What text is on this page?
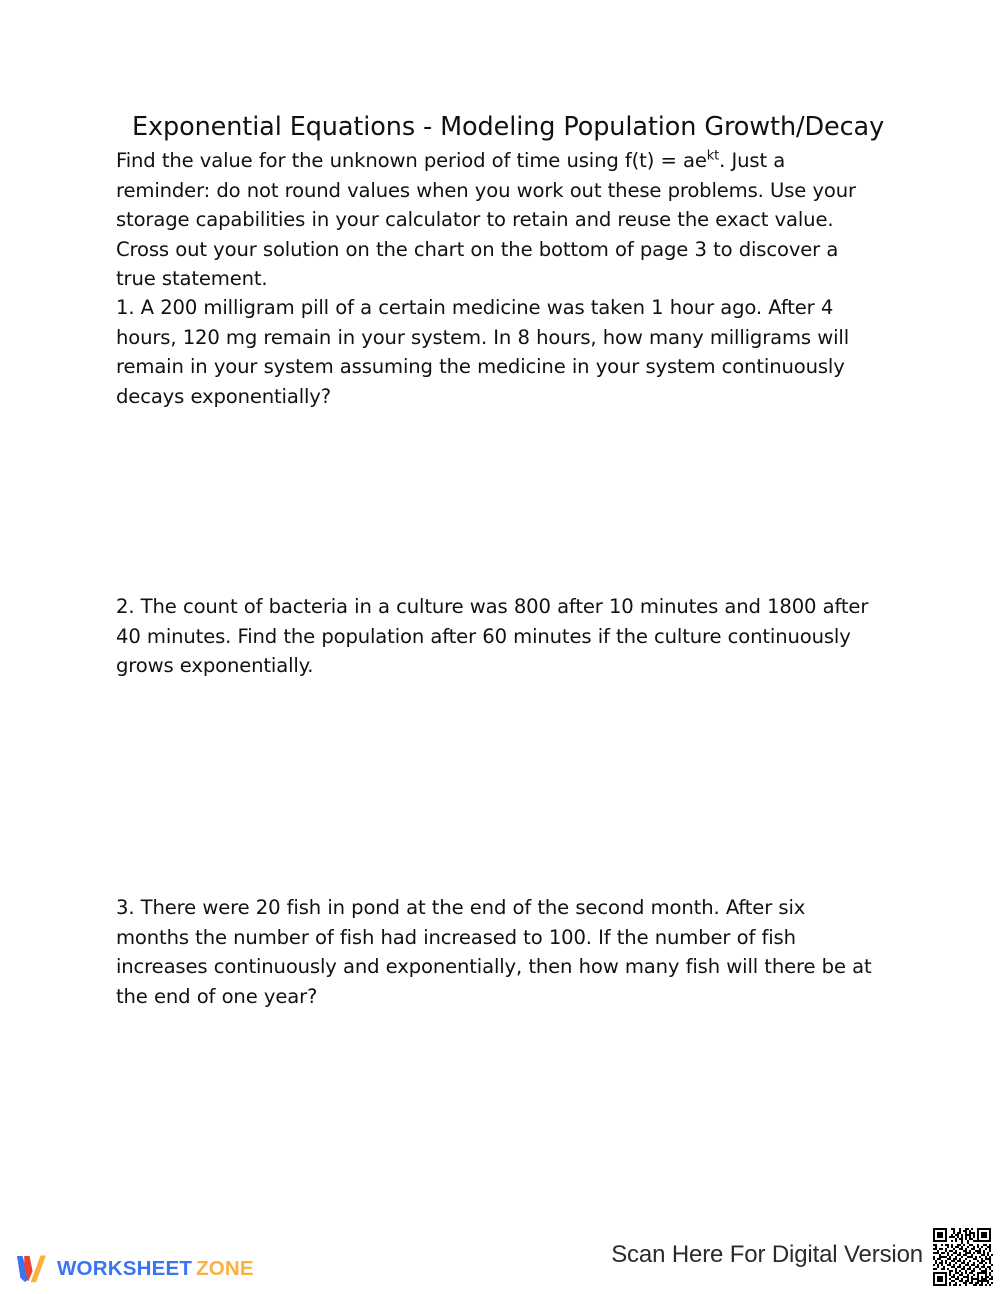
Exponential Equations - Modeling Population Growth/Decay

Find the value for the unknown period of time using $f(t) = ae^{kt}$. Just a reminder: do not round values when you work out these problems. Use your storage capabilities in your calculator to retain and reuse the exact value. Cross out your solution on the chart on the bottom of page 3 to discover a true statement.

1. A 200 milligram pill of a certain medicine was taken 1 hour ago. After 4 hours, 120 mg remain in your system. In 8 hours, how many milligrams will remain in your system assuming the medicine in your system continuously decays exponentially?

2. The count of bacteria in a culture was 800 after 10 minutes and 1800 after 40 minutes. Find the population after 60 minutes if the culture continuously grows exponentially.

3. There were 20 fish in pond at the end of the second month. After six months the number of fish had increased to 100. If the number of fish increases continuously and exponentially, then how many fish will there be at the end of one year?

WORKSHEET ZONE
Scan Here For Digital Version
